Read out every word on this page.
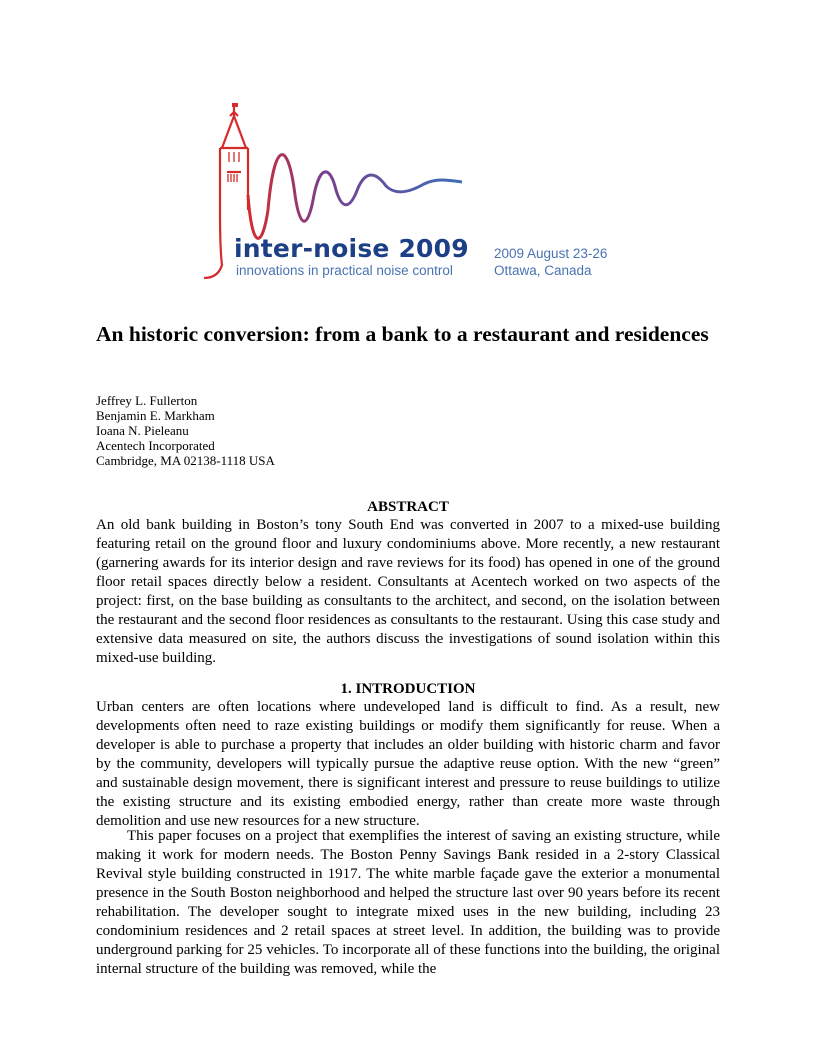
inter-noise 2009
innovations in practical noise control
2009 August 23-26
Ottawa, Canada
An historic conversion: from a bank to a restaurant and residences
Jeffrey L. Fullerton
Benjamin E. Markham
Ioana N. Pieleanu
Acentech Incorporated
Cambridge, MA 02138-1118 USA
ABSTRACT

An old bank building in Boston’s tony South End was converted in 2007 to a mixed-use building featuring retail on the ground floor and luxury condominiums above. More recently, a new restaurant (garnering awards for its interior design and rave reviews for its food) has opened in one of the ground floor retail spaces directly below a resident. Consultants at Acentech worked on two aspects of the project: first, on the base building as consultants to the architect, and second, on the isolation between the restaurant and the second floor residences as consultants to the restaurant. Using this case study and extensive data measured on site, the authors discuss the investigations of sound isolation within this mixed-use building.

1. INTRODUCTION

Urban centers are often locations where undeveloped land is difficult to find. As a result, new developments often need to raze existing buildings or modify them significantly for reuse. When a developer is able to purchase a property that includes an older building with historic charm and favor by the community, developers will typically pursue the adaptive reuse option. With the new “green” and sustainable design movement, there is significant interest and pressure to reuse buildings to utilize the existing structure and its existing embodied energy, rather than create more waste through demolition and use new resources for a new structure.

This paper focuses on a project that exemplifies the interest of saving an existing structure, while making it work for modern needs. The Boston Penny Savings Bank resided in a 2-story Classical Revival style building constructed in 1917. The white marble façade gave the exterior a monumental presence in the South Boston neighborhood and helped the structure last over 90 years before its recent rehabilitation. The developer sought to integrate mixed uses in the new building, including 23 condominium residences and 2 retail spaces at street level. In addition, the building was to provide underground parking for 25 vehicles. To incorporate all of these functions into the building, the original internal structure of the building was removed, while the
